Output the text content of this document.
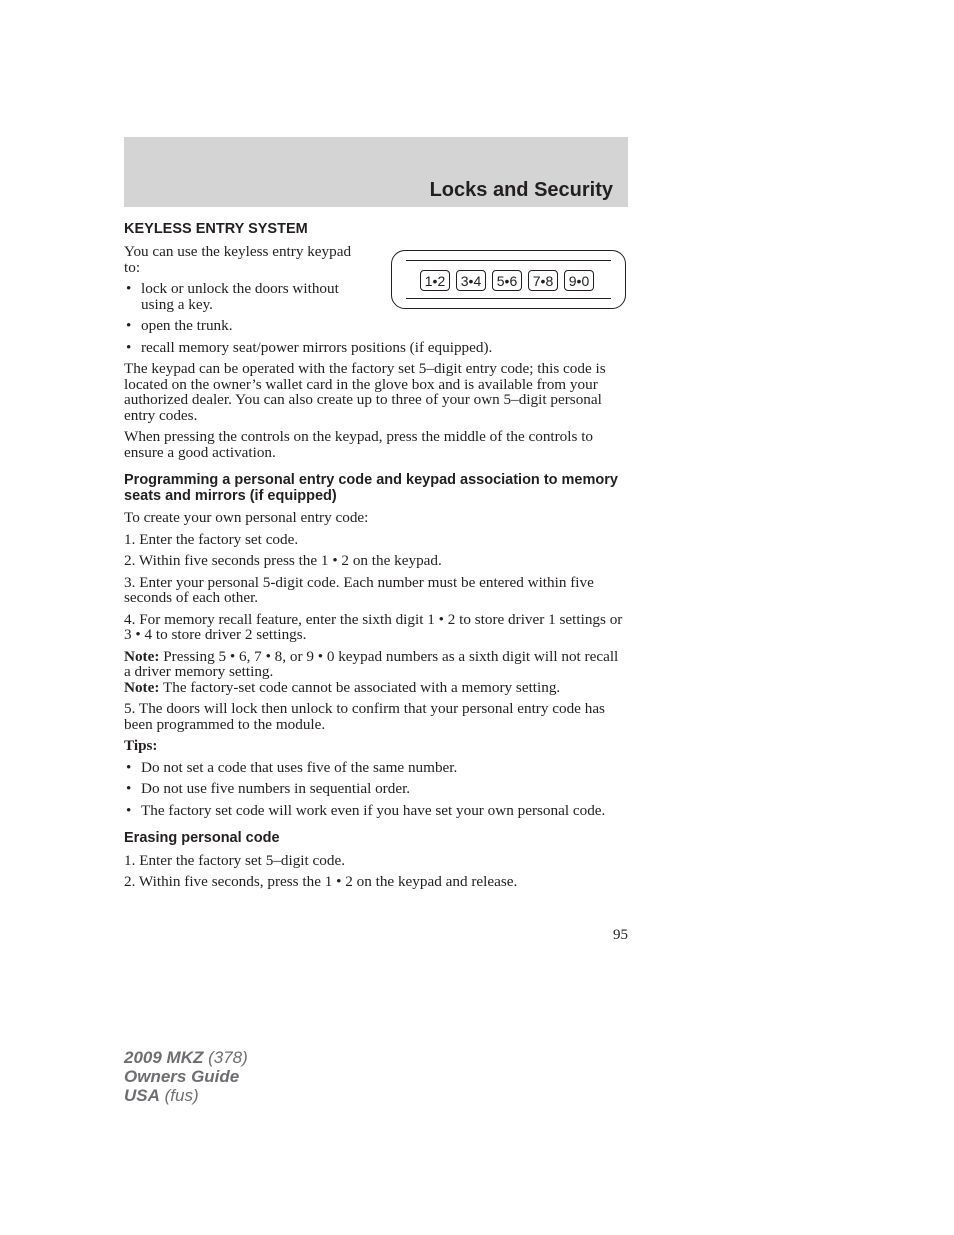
Locks and Security
1•2	3•4	5•6	7•8	9•0
KEYLESS ENTRY SYSTEM

You can use the keyless entry keypad to:

• lock or unlock the doors without using a key.
• open the trunk.
• recall memory seat/power mirrors positions (if equipped).

The keypad can be operated with the factory set 5–digit entry code; this code is located on the owner’s wallet card in the glove box and is available from your authorized dealer. You can also create up to three of your own 5–digit personal entry codes.

When pressing the controls on the keypad, press the middle of the controls to ensure a good activation.

Programming a personal entry code and keypad association to memory seats and mirrors (if equipped)

To create your own personal entry code:

1. Enter the factory set code.

2. Within five seconds press the 1 • 2 on the keypad.

3. Enter your personal 5-digit code. Each number must be entered within five seconds of each other.

4. For memory recall feature, enter the sixth digit 1 • 2 to store driver 1 settings or 3 • 4 to store driver 2 settings.

Note: Pressing 5 • 6, 7 • 8, or 9 • 0 keypad numbers as a sixth digit will not recall a driver memory setting.

Note: The factory-set code cannot be associated with a memory setting.

5. The doors will lock then unlock to confirm that your personal entry code has been programmed to the module.

Tips:

• Do not set a code that uses five of the same number.
• Do not use five numbers in sequential order.
• The factory set code will work even if you have set your own personal code.
Erasing personal code

1. Enter the factory set 5–digit code.

2. Within five seconds, press the 1 • 2 on the keypad and release.

95
2009 MKZ (378)
Owners Guide
USA (fus)
